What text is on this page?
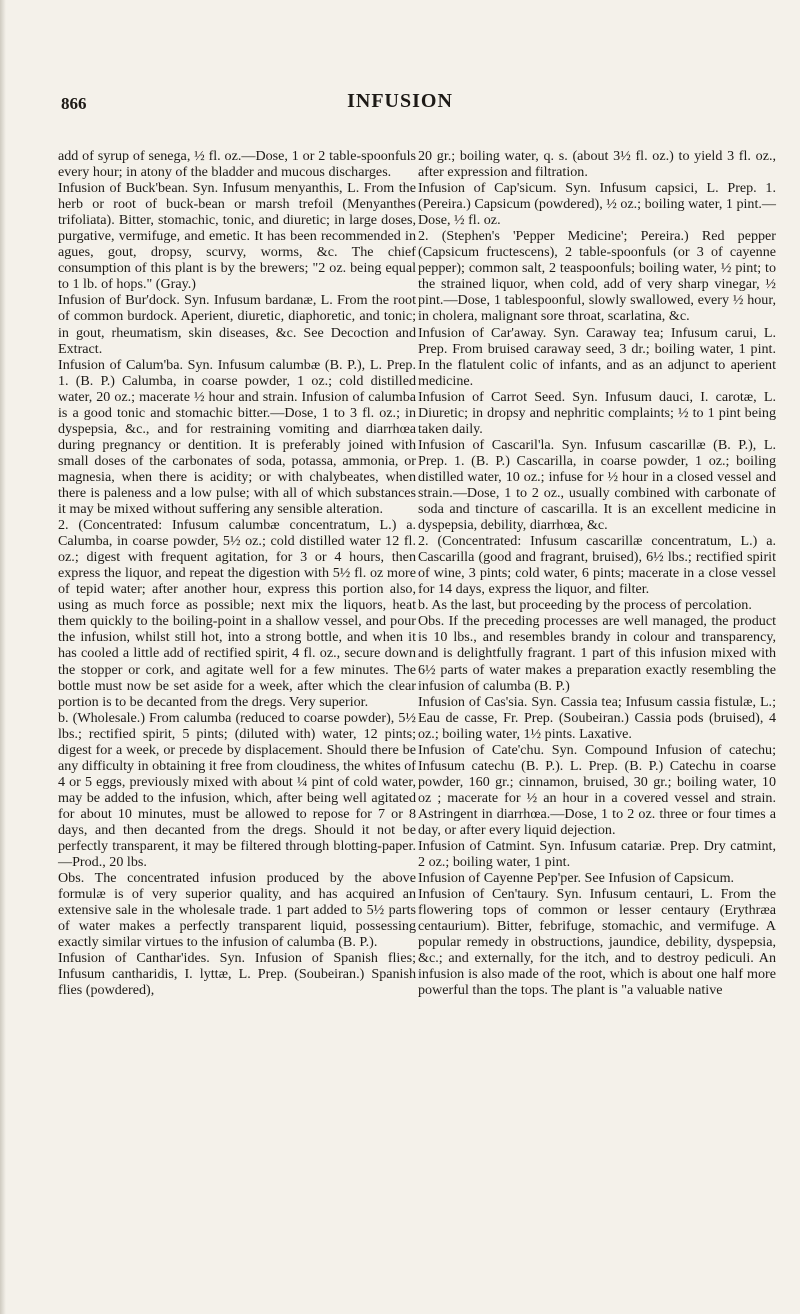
866	INFUSION

add of syrup of senega, ½ fl. oz.—Dose, 1 or 2 table-spoonfuls every hour; in atony of the bladder and mucous discharges.

Infusion of Buck'bean. Syn. Infusum menyanthis, L. From the herb or root of buck-bean or marsh trefoil (Menyanthes trifoliata). Bitter, stomachic, tonic, and diuretic; in large doses, purgative, vermifuge, and emetic. It has been recommended in agues, gout, dropsy, scurvy, worms, &c. The chief consumption of this plant is by the brewers; "2 oz. being equal to 1 lb. of hops." (Gray.)

Infusion of Bur'dock. Syn. Infusum bardanæ, L. From the root of common burdock. Aperient, diuretic, diaphoretic, and tonic; in gout, rheumatism, skin diseases, &c. See Decoction and Extract.

Infusion of Calum'ba. Syn. Infusum calumbæ (B. P.), L. Prep. 1. (B. P.) Calumba, in coarse powder, 1 oz.; cold distilled water, 20 oz.; macerate ½ hour and strain. Infusion of calumba is a good tonic and stomachic bitter.—Dose, 1 to 3 fl. oz.; in dyspepsia, &c., and for restraining vomiting and diarrhœa during pregnancy or dentition. It is preferably joined with small doses of the carbonates of soda, potassa, ammonia, or magnesia, when there is acidity; or with chalybeates, when there is paleness and a low pulse; with all of which substances it may be mixed without suffering any sensible alteration.

2. (Concentrated: Infusum calumbæ concentratum, L.) a. Calumba, in coarse powder, 5½ oz.; cold distilled water 12 fl. oz.; digest with frequent agitation, for 3 or 4 hours, then express the liquor, and repeat the digestion with 5½ fl. oz more of tepid water; after another hour, express this portion also, using as much force as possible; next mix the liquors, heat them quickly to the boiling-point in a shallow vessel, and pour the infusion, whilst still hot, into a strong bottle, and when it has cooled a little add of rectified spirit, 4 fl. oz., secure down the stopper or cork, and agitate well for a few minutes. The bottle must now be set aside for a week, after which the clear portion is to be decanted from the dregs. Very superior.

b. (Wholesale.) From calumba (reduced to coarse powder), 5½ lbs.; rectified spirit, 5 pints; (diluted with) water, 12 pints; digest for a week, or precede by displacement. Should there be any difficulty in obtaining it free from cloudiness, the whites of 4 or 5 eggs, previously mixed with about ¼ pint of cold water, may be added to the infusion, which, after being well agitated for about 10 minutes, must be allowed to repose for 7 or 8 days, and then decanted from the dregs. Should it not be perfectly transparent, it may be filtered through blotting-paper.—Prod., 20 lbs.

Obs. The concentrated infusion produced by the above formulæ is of very superior quality, and has acquired an extensive sale in the wholesale trade. 1 part added to 5½ parts of water makes a perfectly transparent liquid, possessing exactly similar virtues to the infusion of calumba (B. P.).

Infusion of Canthar'ides. Syn. Infusion of Spanish flies; Infusum cantharidis, I. lyttæ, L. Prep. (Soubeiran.) Spanish flies (powdered),

20 gr.; boiling water, q. s. (about 3½ fl. oz.) to yield 3 fl. oz., after expression and filtration.

Infusion of Cap'sicum. Syn. Infusum capsici, L. Prep. 1. (Pereira.) Capsicum (powdered), ½ oz.; boiling water, 1 pint.—Dose, ½ fl. oz.

2. (Stephen's 'Pepper Medicine'; Pereira.) Red pepper (Capsicum fructescens), 2 table-spoonfuls (or 3 of cayenne pepper); common salt, 2 teaspoonfuls; boiling water, ½ pint; to the strained liquor, when cold, add of very sharp vinegar, ½ pint.—Dose, 1 tablespoonful, slowly swallowed, every ½ hour, in cholera, malignant sore throat, scarlatina, &c.

Infusion of Car'away. Syn. Caraway tea; Infusum carui, L. Prep. From bruised caraway seed, 3 dr.; boiling water, 1 pint. In the flatulent colic of infants, and as an adjunct to aperient medicine.

Infusion of Carrot Seed. Syn. Infusum dauci, I. carotæ, L. Diuretic; in dropsy and nephritic complaints; ½ to 1 pint being taken daily.

Infusion of Cascaril'la. Syn. Infusum cascarillæ (B. P.), L. Prep. 1. (B. P.) Cascarilla, in coarse powder, 1 oz.; boiling distilled water, 10 oz.; infuse for ½ hour in a closed vessel and strain.—Dose, 1 to 2 oz., usually combined with carbonate of soda and tincture of cascarilla. It is an excellent medicine in dyspepsia, debility, diarrhœa, &c.

2. (Concentrated: Infusum cascarillæ concentratum, L.) a. Cascarilla (good and fragrant, bruised), 6½ lbs.; rectified spirit of wine, 3 pints; cold water, 6 pints; macerate in a close vessel for 14 days, express the liquor, and filter.

b. As the last, but proceeding by the process of percolation.

Obs. If the preceding processes are well managed, the product is 10 lbs., and resembles brandy in colour and transparency, and is delightfully fragrant. 1 part of this infusion mixed with 6½ parts of water makes a preparation exactly resembling the infusion of calumba (B. P.)

Infusion of Cas'sia. Syn. Cassia tea; Infusum cassia fistulæ, L.; Eau de casse, Fr. Prep. (Soubeiran.) Cassia pods (bruised), 4 oz.; boiling water, 1½ pints. Laxative.

Infusion of Cate'chu. Syn. Compound Infusion of catechu; Infusum catechu (B. P.). L. Prep. (B. P.) Catechu in coarse powder, 160 gr.; cinnamon, bruised, 30 gr.; boiling water, 10 oz ; macerate for ½ an hour in a covered vessel and strain. Astringent in diarrhœa.—Dose, 1 to 2 oz. three or four times a day, or after every liquid dejection.

Infusion of Catmint. Syn. Infusum catariæ. Prep. Dry catmint, 2 oz.; boiling water, 1 pint.

Infusion of Cayenne Pep'per. See Infusion of Capsicum.

Infusion of Cen'taury. Syn. Infusum centauri, L. From the flowering tops of common or lesser centaury (Erythræa centaurium). Bitter, febrifuge, stomachic, and vermifuge. A popular remedy in obstructions, jaundice, debility, dyspepsia, &c.; and externally, for the itch, and to destroy pediculi. An infusion is also made of the root, which is about one half more powerful than the tops. The plant is "a valuable native
